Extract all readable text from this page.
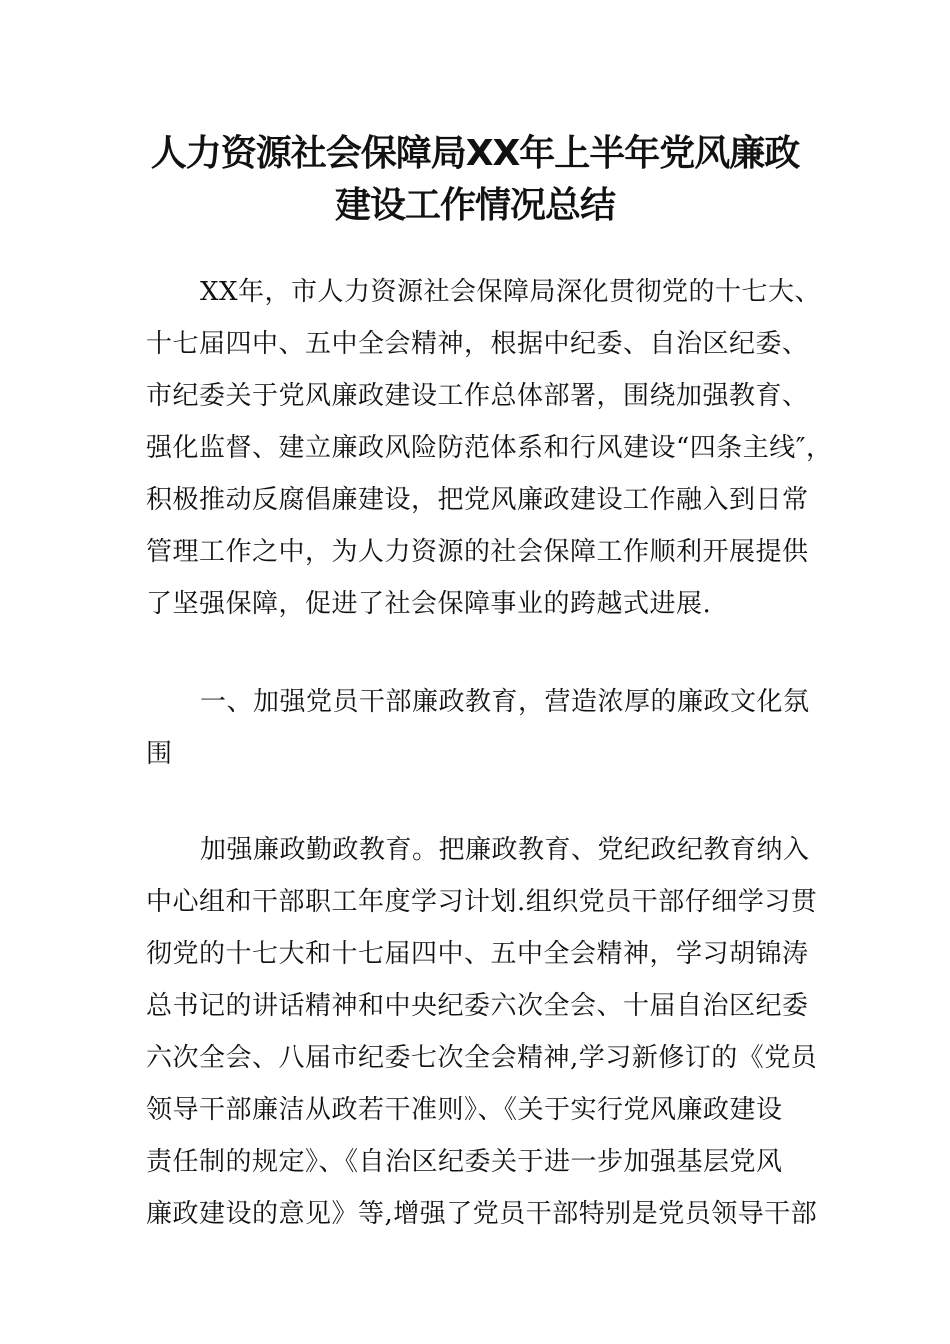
人力资源社会保障局XX年上半年党风廉政
建设工作情况总结
XX年，市人力资源社会保障局深化贯彻党的十七大、
十七届四中、五中全会精神，根据中纪委、自治区纪委、
市纪委关于党风廉政建设工作总体部署，围绕加强教育、
强化监督、建立廉政风险防范体系和行风建设“四条主线″，
积极推动反腐倡廉建设，把党风廉政建设工作融入到日常
管理工作之中，为人力资源的社会保障工作顺利开展提供
了坚强保障，促进了社会保障事业的跨越式进展.
一、加强党员干部廉政教育，营造浓厚的廉政文化氛
围
加强廉政勤政教育。把廉政教育、党纪政纪教育纳入
中心组和干部职工年度学习计划.组织党员干部仔细学习贯
彻党的十七大和十七届四中、五中全会精神，学习胡锦涛
总书记的讲话精神和中央纪委六次全会、十届自治区纪委
六次全会、八届市纪委七次全会精神,学习新修订的《党员
领导干部廉洁从政若干准则》、《关于实行党风廉政建设
责任制的规定》、《自治区纪委关于进一步加强基层党风
廉政建设的意见》等,增强了党员干部特别是党员领导干部
